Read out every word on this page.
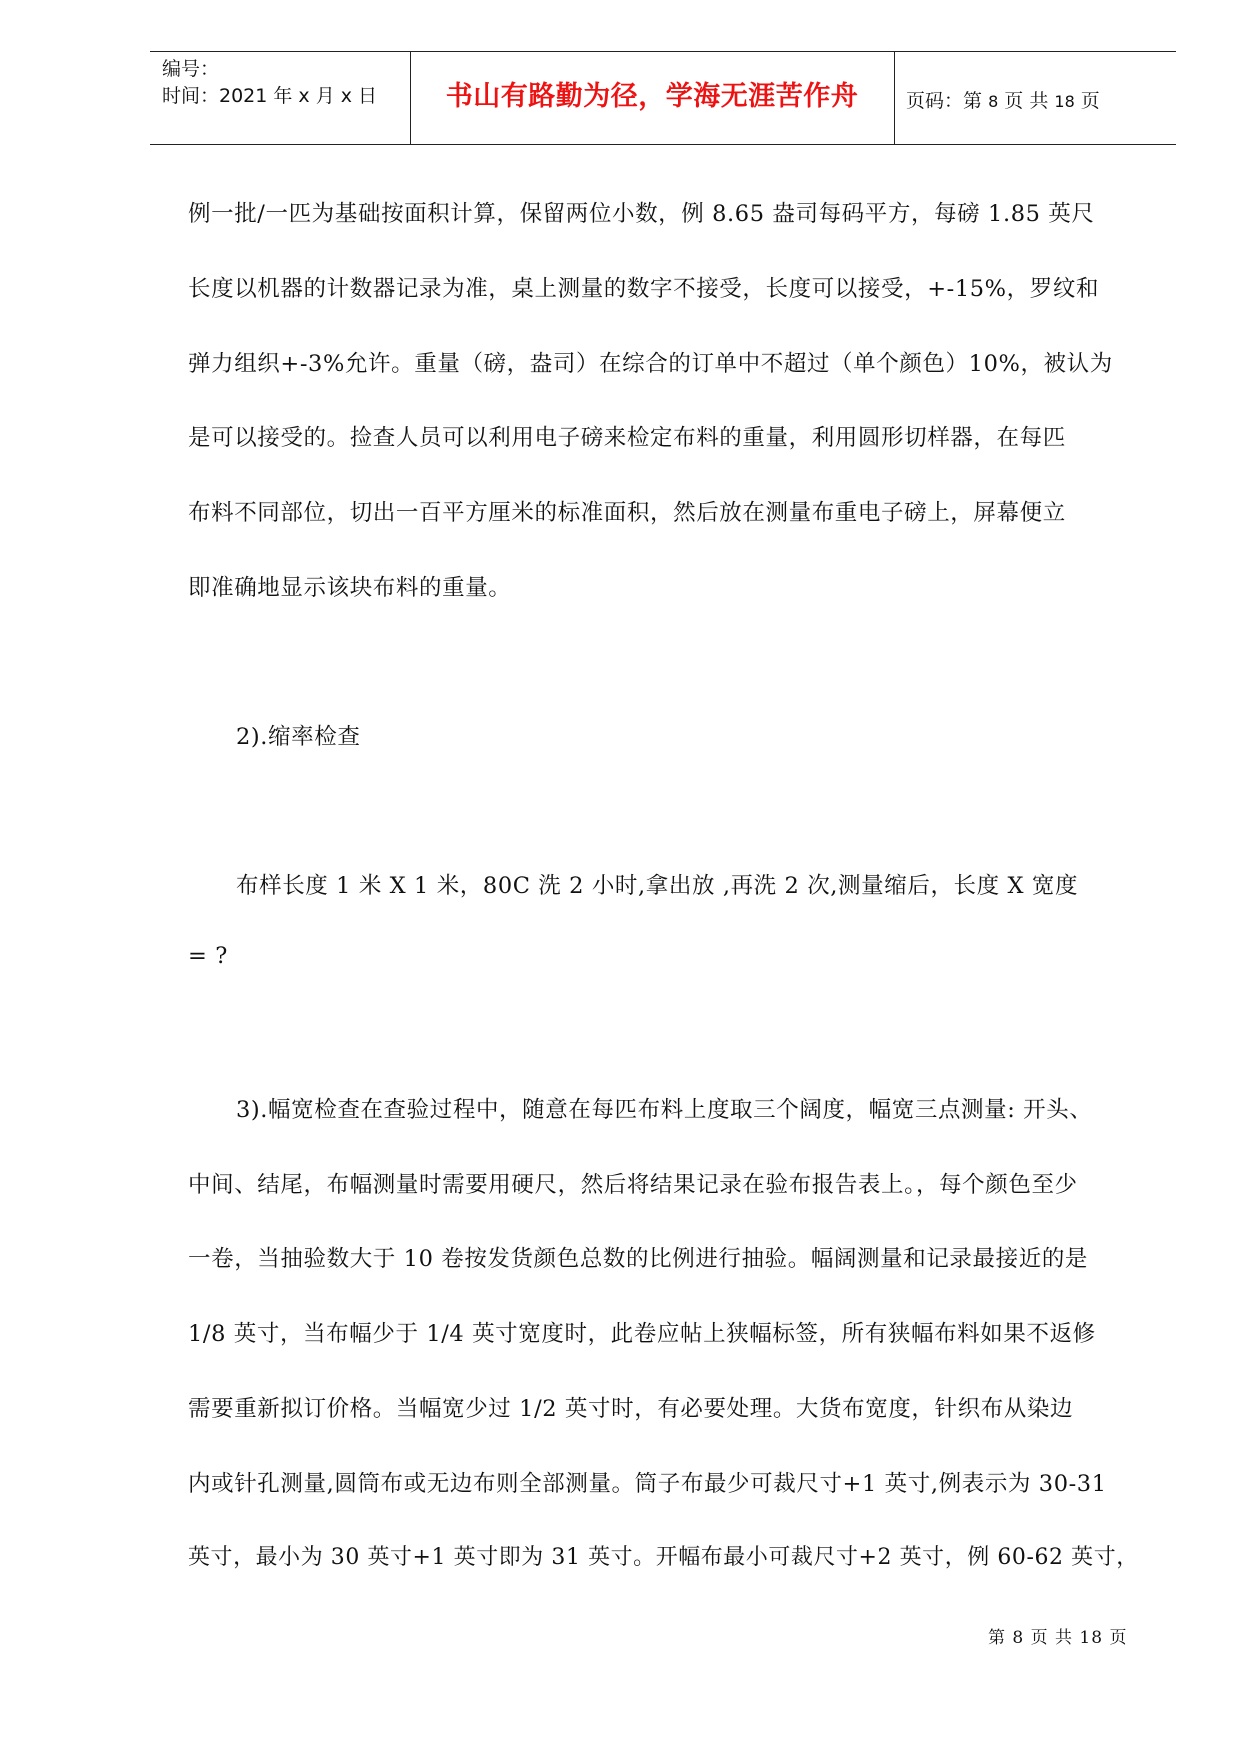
编号：
时间：2021 年 x 月 x 日	书山有路勤为径，学海无涯苦作舟	页码：第 8 页 共 18 页
例一批/一匹为基础按面积计算，保留两位小数，例 8.65 盎司每码平方，每磅 1.85 英尺
长度以机器的计数器记录为准，桌上测量的数字不接受，长度可以接受，+-15%，罗纹和
弹力组织+-3%允许。重量（磅，盎司）在综合的订单中不超过（单个颜色）10%，被认为
是可以接受的。捡查人员可以利用电子磅来检定布料的重量，利用圆形切样器，在每匹
布料不同部位，切出一百平方厘米的标准面积，然后放在测量布重电子磅上，屏幕便立
即准确地显示该块布料的重量。
2).缩率检查
布样长度 1 米 X 1 米，80C 洗 2 小时,拿出放 ,再洗 2 次,测量缩后，长度 X 宽度
= ?
3).幅宽检查在查验过程中，随意在每匹布料上度取三个阔度，幅宽三点测量: 开头、
中间、结尾，布幅测量时需要用硬尺，然后将结果记录在验布报告表上。，每个颜色至少
一卷，当抽验数大于 10 卷按发货颜色总数的比例进行抽验。幅阔测量和记录最接近的是
1/8 英寸，当布幅少于 1/4 英寸宽度时，此卷应帖上狭幅标签，所有狭幅布料如果不返修
需要重新拟订价格。当幅宽少过 1/2 英寸时，有必要处理。大货布宽度，针织布从染边
内或针孔测量,圆筒布或无边布则全部测量。筒子布最少可裁尺寸+1 英寸,例表示为 30-31
英寸，最小为 30 英寸+1 英寸即为 31 英寸。开幅布最小可裁尺寸+2 英寸，例 60-62 英寸，
第 8 页 共 18 页
